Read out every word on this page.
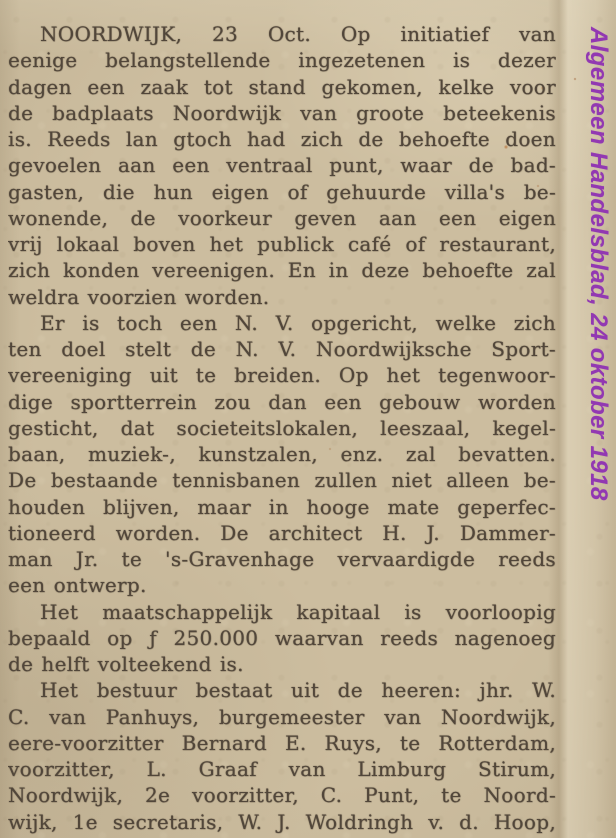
NOORDWIJK, 23 Oct. Op initiatief van
eenige belangstellende ingezetenen is dezer
dagen een zaak tot stand gekomen, kelke voor
de badplaats Noordwijk van groote beteekenis
is. Reeds lan gtoch had zich de behoefte doen
gevoelen aan een ventraal punt, waar de bad-
gasten, die hun eigen of gehuurde villa's be-
wonende, de voorkeur geven aan een eigen
vrij lokaal boven het publick café of restaurant,
zich konden vereenigen. En in deze behoefte zal
weldra voorzien worden.
Er is toch een N. V. opgericht, welke zich
ten doel stelt de N. V. Noordwijksche Sport-
vereeniging uit te breiden. Op het tegenwoor-
dige sportterrein zou dan een gebouw worden
gesticht, dat societeitslokalen, leeszaal, kegel-
baan, muziek-, kunstzalen, enz. zal bevatten.
De bestaande tennisbanen zullen niet alleen be-
houden blijven, maar in hooge mate geperfec-
tioneerd worden. De architect H. J. Dammer-
man Jr. te 's-Gravenhage vervaardigde reeds
een ontwerp.
Het maatschappelijk kapitaal is voorloopig
bepaald op ƒ 250.000 waarvan reeds nagenoeg
de helft volteekend is.
Het bestuur bestaat uit de heeren: jhr. W.
C. van Panhuys, burgemeester van Noordwijk,
eere-voorzitter Bernard E. Ruys, te Rotterdam,
voorzitter, L. Graaf van Limburg Stirum,
Noordwijk, 2e voorzitter, C. Punt, te Noord-
wijk, 1e secretaris, W. J. Woldringh v. d. Hoop,
Algemeen Handelsblad, 24 oktober 1918
